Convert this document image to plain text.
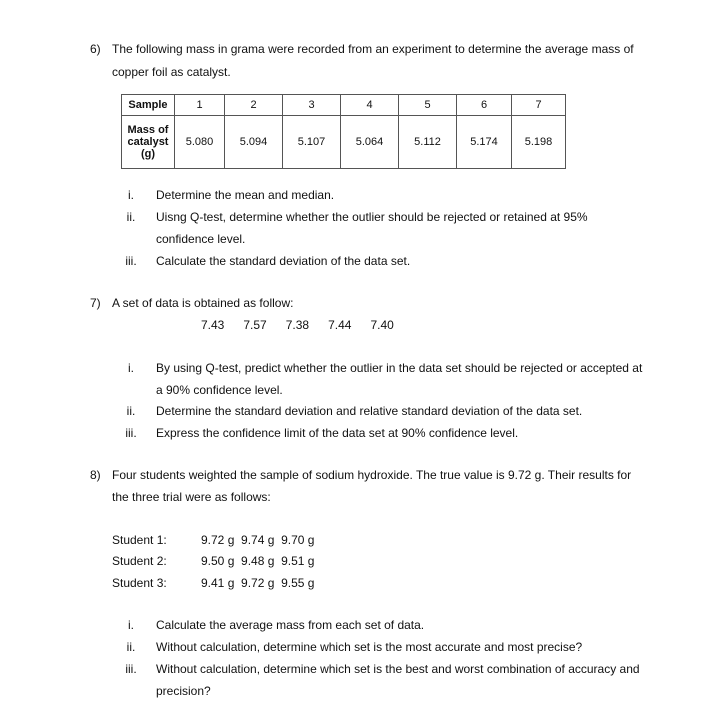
6) The following mass in grama were recorded from an experiment to determine the average mass of
copper foil as catalyst.
Sample	1	2	3	4	5	6	7

Mass of
catalyst
(g)	5.080	5.094	5.107	5.064	5.112	5.174	5.198
i.	Determine the mean and median.
ii.	Uisng Q-test, determine whether the outlier should be rejected or retained at 95%
confidence level.
iii.	Calculate the standard deviation of the data set.
7) A set of data is obtained as follow:
7.43 7.57 7.38 7.44 7.40
i.	By using Q-test, predict whether the outlier in the data set should be rejected or accepted at
a 90% confidence level.
ii.	Determine the standard deviation and relative standard deviation of the data set.
iii.	Express the confidence limit of the data set at 90% confidence level.
8) Four students weighted the sample of sodium hydroxide. The true value is 9.72 g. Their results for
the three trial were as follows:
Student 1:	9.72 g  9.74 g  9.70 g
Student 2:	9.50 g  9.48 g  9.51 g
Student 3:	9.41 g  9.72 g  9.55 g
i.	Calculate the average mass from each set of data.
ii.	Without calculation, determine which set is the most accurate and most precise?
iii.	Without calculation, determine which set is the best and worst combination of accuracy and
precision?
